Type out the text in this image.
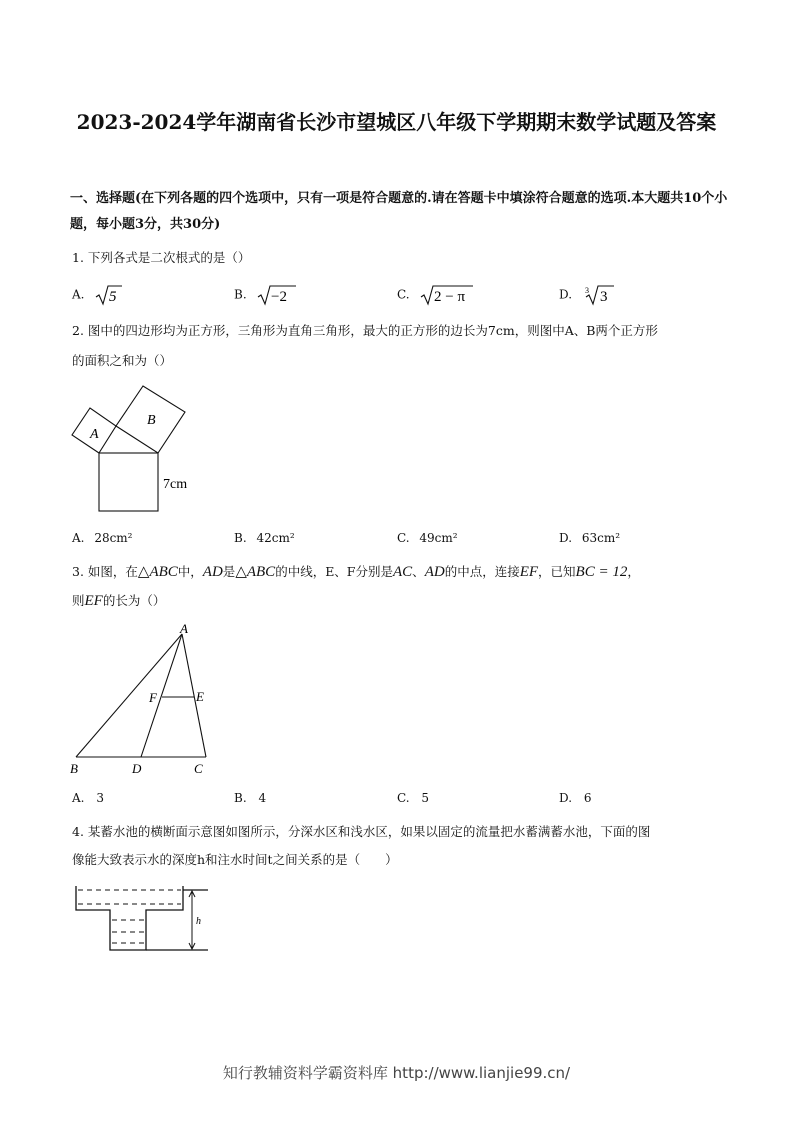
2023-2024学年湖南省长沙市望城区八年级下学期期末数学试题及答案
一、选择题(在下列各题的四个选项中，只有一项是符合题意的.请在答题卡中填涂符合题意的选项.本大题共10个小题，每小题3分，共30分)
1. 下列各式是二次根式的是（）
A. 5	B. −2	C. 2 − π	D. 3 3
2. 图中的四边形均为正方形，三角形为直角三角形，最大的正方形的边长为7cm，则图中A、B两个正方形
的面积之和为（）
A
B
7cm
A. 28cm²	B. 42cm²	C. 49cm²	D. 63cm²
3. 如图，在△ABC中，AD是△ABC的中线，E、F分别是AC、AD的中点，连接EF，已知BC = 12，
则EF的长为（）
A
B	C
D
E
F
A. 3	B. 4	C. 5	D. 6
4. 某蓄水池的横断面示意图如图所示，分深水区和浅水区，如果以固定的流量把水蓄满蓄水池，下面的图
像能大致表示水的深度h和注水时间t之间关系的是（　　）
h
知行教辅资料学霸资料库 http://www.lianjie99.cn/
